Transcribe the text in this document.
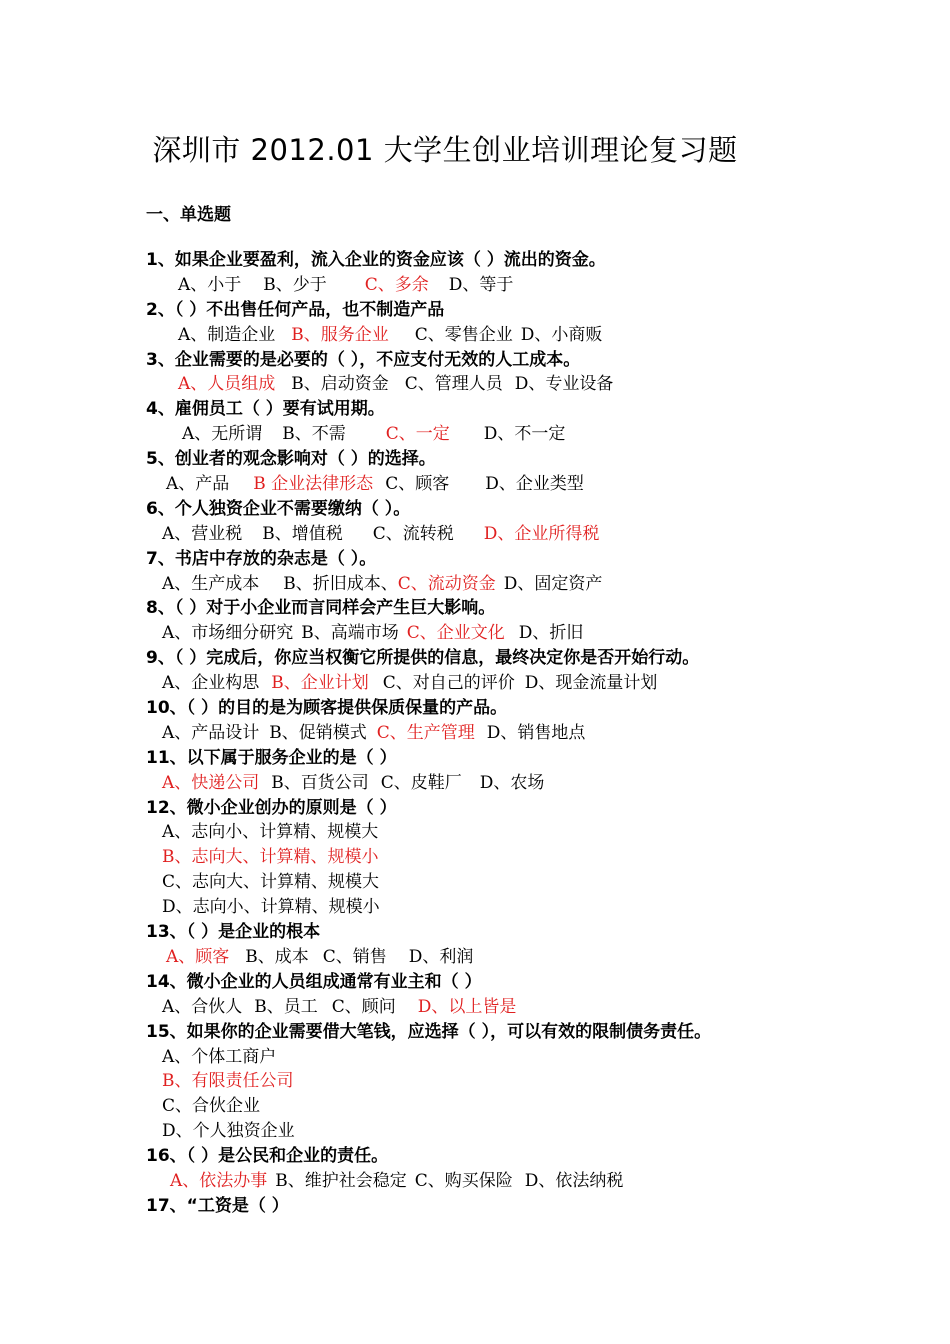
深圳市 2012.01 大学生创业培训理论复习题
一、单选题
1、如果企业要盈利，流入企业的资金应该（ ）流出的资金。
A、小于 B、少于 C、多余 D、等于
2、（ ）不出售任何产品，也不制造产品
A、制造企业 B、服务企业 C、零售企业 D、小商贩
3、企业需要的是必要的（ ），不应支付无效的人工成本。
A、人员组成 B、启动资金 C、管理人员 D、专业设备
4、雇佣员工（ ）要有试用期。
A、无所谓 B、不需 C、一定 D、不一定
5、创业者的观念影响对（ ）的选择。
A、产品 B 企业法律形态 C、顾客 D、企业类型
6、个人独资企业不需要缴纳（ ）。
A、营业税 B、增值税 C、流转税 D、企业所得税
7、书店中存放的杂志是（ ）。
A、生产成本 B、折旧成本、C、流动资金 D、固定资产
8、（ ）对于小企业而言同样会产生巨大影响。
A、市场细分研究 B、高端市场 C、企业文化 D、折旧
9、（ ）完成后，你应当权衡它所提供的信息，最终决定你是否开始行动。
A、企业构思 B、企业计划 C、对自己的评价 D、现金流量计划
10、（ ）的目的是为顾客提供保质保量的产品。
A、产品设计 B、促销模式 C、生产管理 D、销售地点
11、以下属于服务企业的是（ ）
A、快递公司 B、百货公司 C、皮鞋厂 D、农场
12、微小企业创办的原则是（ ）
A、志向小、计算精、规模大
B、志向大、计算精、规模小
C、志向大、计算精、规模大
D、志向小、计算精、规模小
13、（ ）是企业的根本
A、顾客 B、成本 C、销售 D、利润
14、微小企业的人员组成通常有业主和（ ）
A、合伙人 B、员工 C、顾问 D、以上皆是
15、如果你的企业需要借大笔钱，应选择（ ），可以有效的限制债务责任。
A、个体工商户
B、有限责任公司
C、合伙企业
D、个人独资企业
16、（ ）是公民和企业的责任。
A、依法办事 B、维护社会稳定 C、购买保险 D、依法纳税
17、“工资是（ ）
